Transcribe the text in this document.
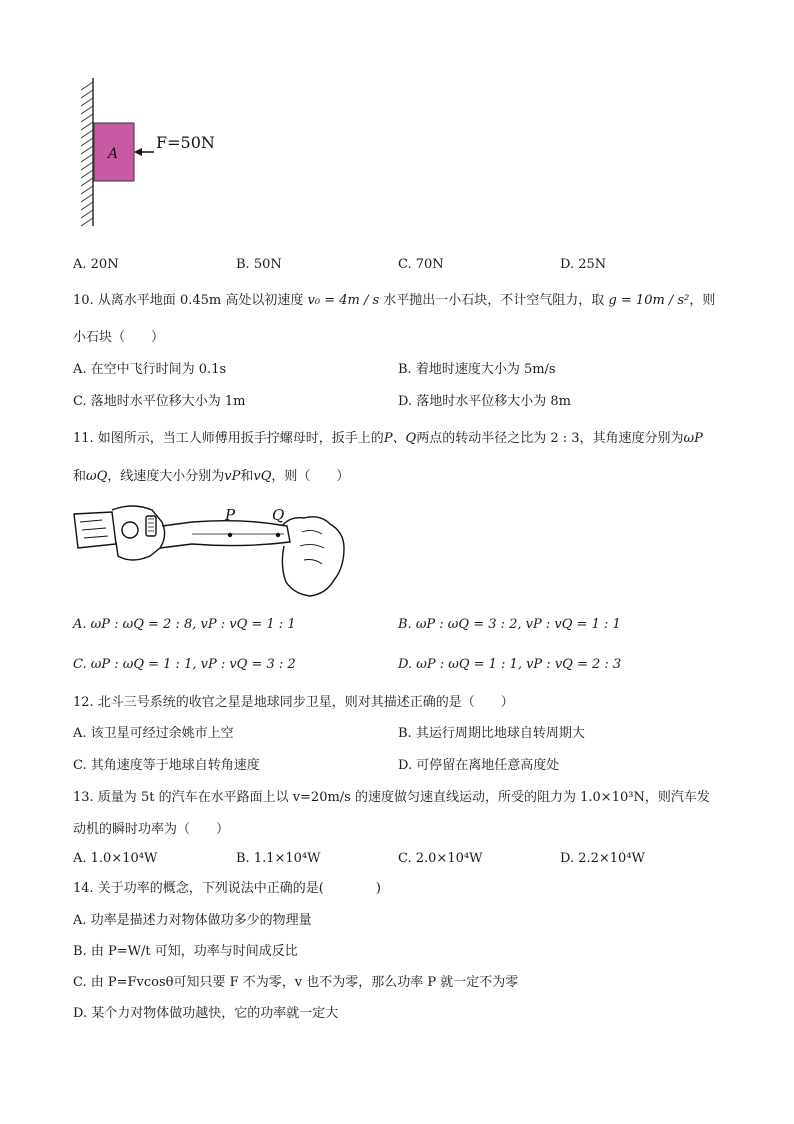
A
F=50N
A. 20N	B. 50N	C. 70N	D. 25N
10. 从离水平地面 0.45m 高处以初速度 v₀ = 4m / s 水平抛出一小石块，不计空气阻力，取 g = 10m / s²，则
小石块（　　）
A. 在空中飞行时间为 0.1s	B. 着地时速度大小为 5m/s
C. 落地时水平位移大小为 1m	D. 落地时水平位移大小为 8m
11. 如图所示，当工人师傅用扳手拧螺母时，扳手上的P、Q两点的转动半径之比为 2 : 3，其角速度分别为ωP
和ωQ，线速度大小分别为vP和vQ，则（　　）
P Q
A. ωP : ωQ = 2 : 8, vP : vQ = 1 : 1	B. ωP : ωQ = 3 : 2, vP : vQ = 1 : 1
C. ωP : ωQ = 1 : 1, vP : vQ = 3 : 2	D. ωP : ωQ = 1 : 1, vP : vQ = 2 : 3
12. 北斗三号系统的收官之星是地球同步卫星，则对其描述正确的是（　　）
A. 该卫星可经过余姚市上空	B. 其运行周期比地球自转周期大
C. 其角速度等于地球自转角速度	D. 可停留在离地任意高度处
13. 质量为 5t 的汽车在水平路面上以 v=20m/s 的速度做匀速直线运动，所受的阻力为 1.0×10³N，则汽车发
动机的瞬时功率为（　　）
A. 1.0×10⁴W	B. 1.1×10⁴W	C. 2.0×10⁴W	D. 2.2×10⁴W
14. 关于功率的概念，下列说法中正确的是(　　　　)
A. 功率是描述力对物体做功多少的物理量
B. 由 P=W/t 可知，功率与时间成反比
C. 由 P=Fvcosθ可知只要 F 不为零，v 也不为零，那么功率 P 就一定不为零
D. 某个力对物体做功越快，它的功率就一定大
